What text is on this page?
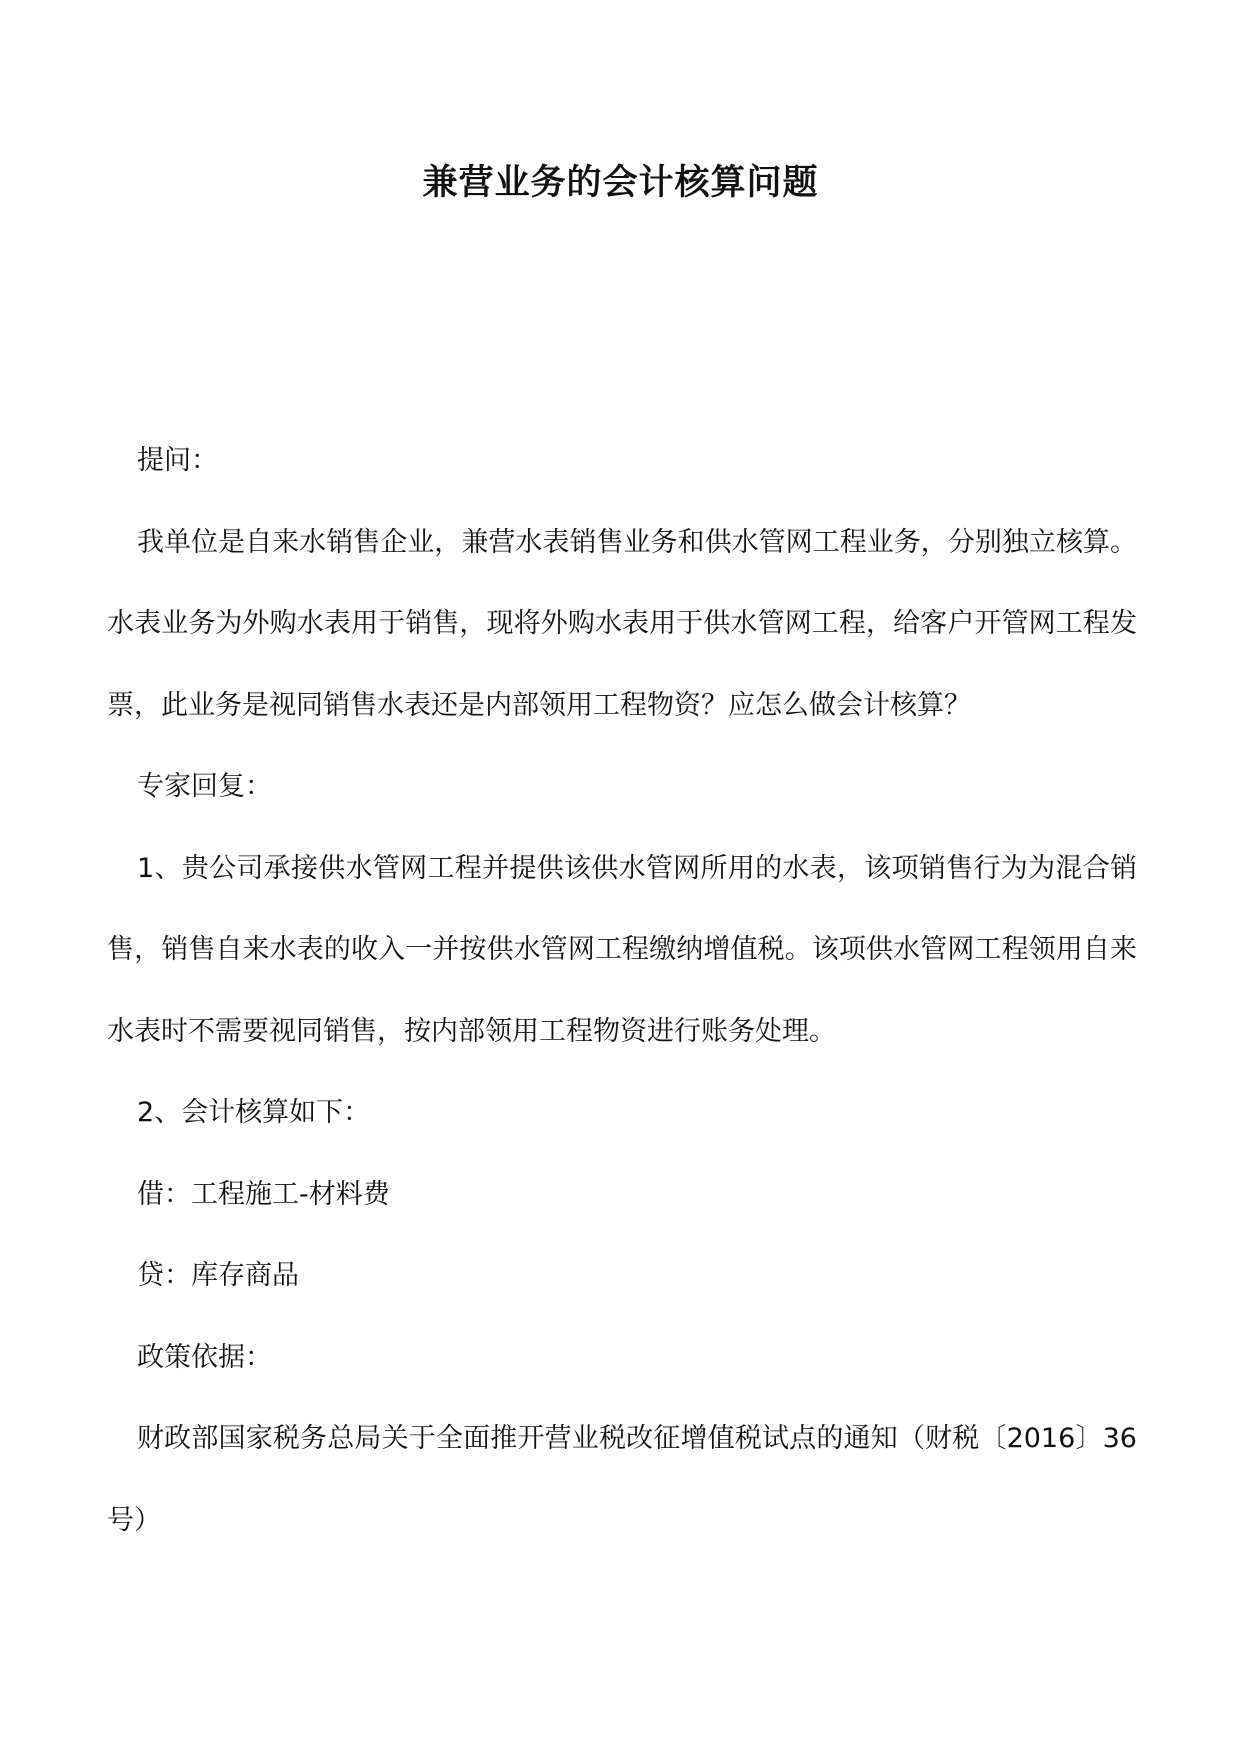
兼营业务的会计核算问题

提问：

我单位是自来水销售企业，兼营水表销售业务和供水管网工程业务，分别独立核算。水表业务为外购水表用于销售，现将外购水表用于供水管网工程，给客户开管网工程发票，此业务是视同销售水表还是内部领用工程物资？应怎么做会计核算？

专家回复：

1、贵公司承接供水管网工程并提供该供水管网所用的水表，该项销售行为为混合销售，销售自来水表的收入一并按供水管网工程缴纳增值税。该项供水管网工程领用自来水表时不需要视同销售，按内部领用工程物资进行账务处理。

2、会计核算如下：

借：工程施工-材料费

贷：库存商品

政策依据：

财政部国家税务总局关于全面推开营业税改征增值税试点的通知（财税〔2016〕36号）
